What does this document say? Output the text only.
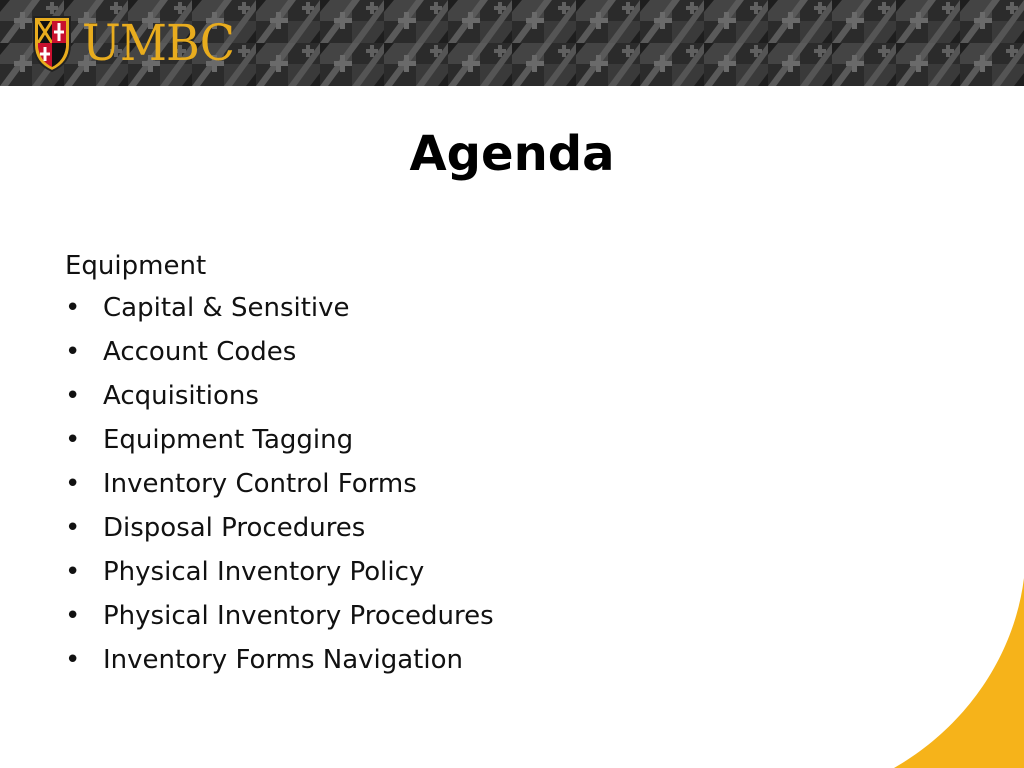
UMBC
Agenda
Equipment
• Capital & Sensitive
• Account Codes
• Acquisitions
• Equipment Tagging
• Inventory Control Forms
• Disposal Procedures
• Physical Inventory Policy
• Physical Inventory Procedures
• Inventory Forms Navigation
